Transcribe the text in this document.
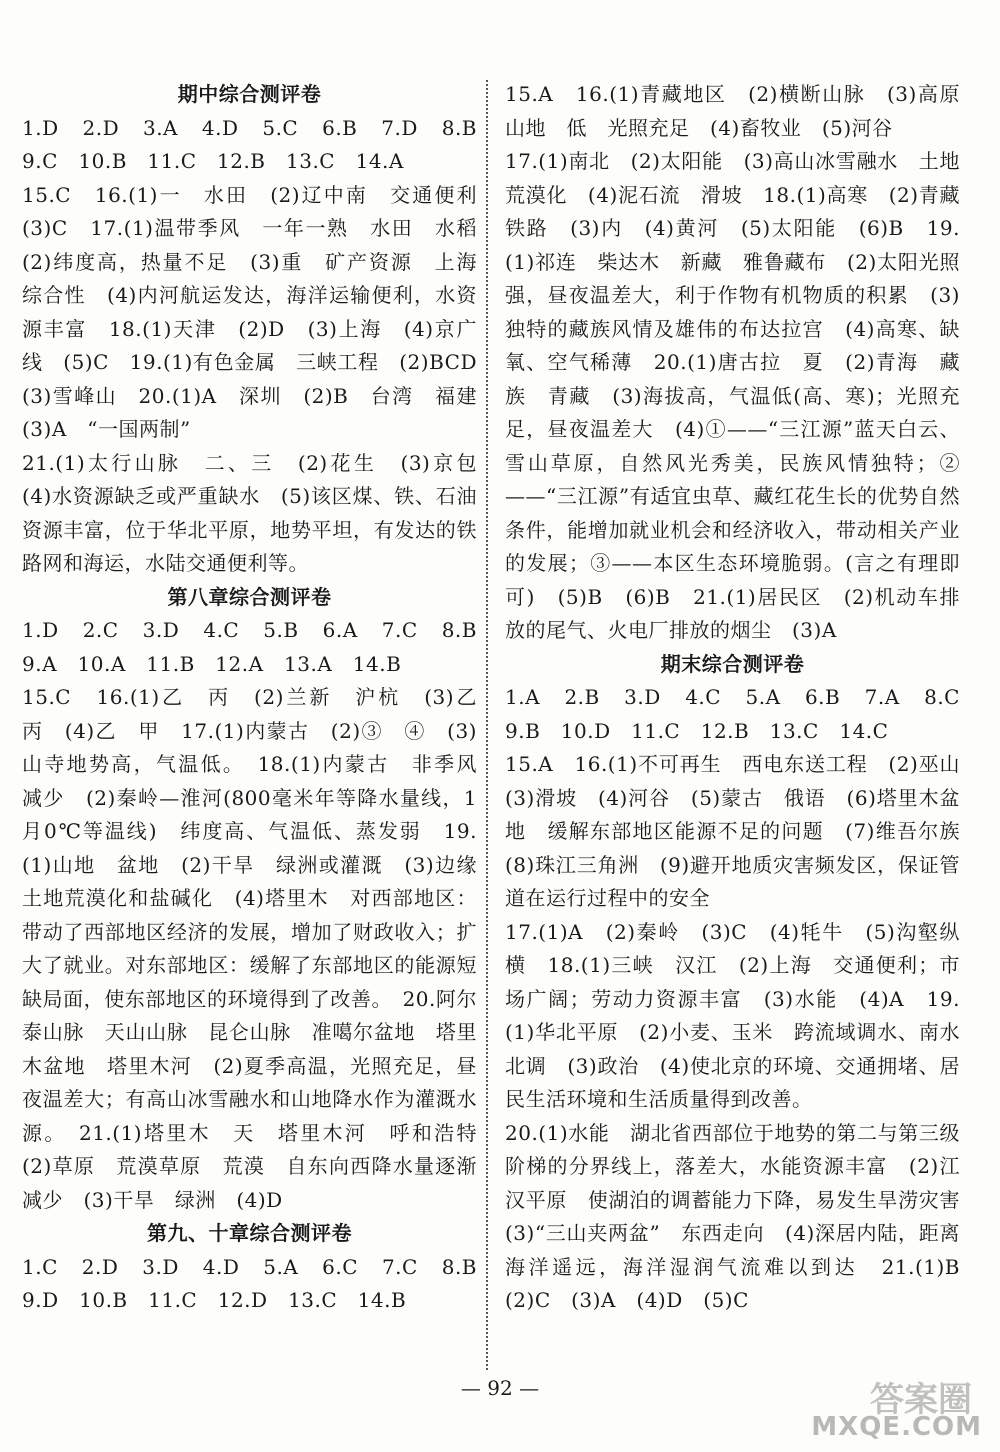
期中综合测评卷

1.D　2.D　3.A　4.D　5.C　6.B　7.D　8.B　9.C　10.B　11.C　12.B　13.C　14.A

15.C　16.(1)一　水田　(2)辽中南　交通便利　(3)C　17.(1)温带季风　一年一熟　水田　水稻　(2)纬度高，热量不足　(3)重　矿产资源　上海　综合性　(4)内河航运发达，海洋运输便利，水资源丰富　18.(1)天津　(2)D　(3)上海　(4)京广线　(5)C　19.(1)有色金属　三峡工程　(2)BCD　(3)雪峰山　20.(1)A　深圳　(2)B　台湾　福建　(3)A　“一国两制”

21.(1)太行山脉　二、三　(2)花生　(3)京包　(4)水资源缺乏或严重缺水　(5)该区煤、铁、石油资源丰富，位于华北平原，地势平坦，有发达的铁路网和海运，水陆交通便利等。

第八章综合测评卷

1.D　2.C　3.D　4.C　5.B　6.A　7.C　8.B　9.A　10.A　11.B　12.A　13.A　14.B

15.C　16.(1)乙　丙　(2)兰新　沪杭　(3)乙　丙　(4)乙　甲　17.(1)内蒙古　(2)③　④　(3)山寺地势高，气温低。　18.(1)内蒙古　非季风　减少　(2)秦岭—淮河(800毫米年等降水量线，1月0℃等温线)　纬度高、气温低、蒸发弱　19.(1)山地　盆地　(2)干旱　绿洲或灌溉　(3)边缘　土地荒漠化和盐碱化　(4)塔里木　对西部地区：带动了西部地区经济的发展，增加了财政收入；扩大了就业。对东部地区：缓解了东部地区的能源短缺局面，使东部地区的环境得到了改善。　20.阿尔泰山脉　天山山脉　昆仑山脉　准噶尔盆地　塔里木盆地　塔里木河　(2)夏季高温，光照充足，昼夜温差大；有高山冰雪融水和山地降水作为灌溉水源。　21.(1)塔里木　天　塔里木河　呼和浩特　(2)草原　荒漠草原　荒漠　自东向西降水量逐渐减少　(3)干旱　绿洲　(4)D

第九、十章综合测评卷

1.C　2.D　3.D　4.D　5.A　6.C　7.C　8.B　9.D　10.B　11.C　12.D　13.C　14.B

15.A　16.(1)青藏地区　(2)横断山脉　(3)高原山地　低　光照充足　(4)畜牧业　(5)河谷

17.(1)南北　(2)太阳能　(3)高山冰雪融水　土地荒漠化　(4)泥石流　滑坡　18.(1)高寒　(2)青藏铁路　(3)内　(4)黄河　(5)太阳能　(6)B　19.(1)祁连　柴达木　新藏　雅鲁藏布　(2)太阳光照强，昼夜温差大，利于作物有机物质的积累　(3)独特的藏族风情及雄伟的布达拉宫　(4)高寒、缺氧、空气稀薄　20.(1)唐古拉　夏　(2)青海　藏族　青藏　(3)海拔高，气温低(高、寒)；光照充足，昼夜温差大　(4)①——“三江源”蓝天白云、雪山草原，自然风光秀美，民族风情独特；②——“三江源”有适宜虫草、藏红花生长的优势自然条件，能增加就业机会和经济收入，带动相关产业的发展；③——本区生态环境脆弱。(言之有理即可)　(5)B　(6)B　21.(1)居民区　(2)机动车排放的尾气、火电厂排放的烟尘　(3)A

期末综合测评卷

1.A　2.B　3.D　4.C　5.A　6.B　7.A　8.C　9.B　10.D　11.C　12.B　13.C　14.C

15.A　16.(1)不可再生　西电东送工程　(2)巫山　(3)滑坡　(4)河谷　(5)蒙古　俄语　(6)塔里木盆地　缓解东部地区能源不足的问题　(7)维吾尔族　(8)珠江三角洲　(9)避开地质灾害频发区，保证管道在运行过程中的安全

17.(1)A　(2)秦岭　(3)C　(4)牦牛　(5)沟壑纵横　18.(1)三峡　汉江　(2)上海　交通便利；市场广阔；劳动力资源丰富　(3)水能　(4)A　19.(1)华北平原　(2)小麦、玉米　跨流域调水、南水北调　(3)政治　(4)使北京的环境、交通拥堵、居民生活环境和生活质量得到改善。

20.(1)水能　湖北省西部位于地势的第二与第三级阶梯的分界线上，落差大，水能资源丰富　(2)江汉平原　使湖泊的调蓄能力下降，易发生旱涝灾害　(3)“三山夹两盆”　东西走向　(4)深居内陆，距离海洋遥远，海洋湿润气流难以到达　21.(1)B　(2)C　(3)A　(4)D　(5)C

— 92 —	答案圈
MXQE.COM
